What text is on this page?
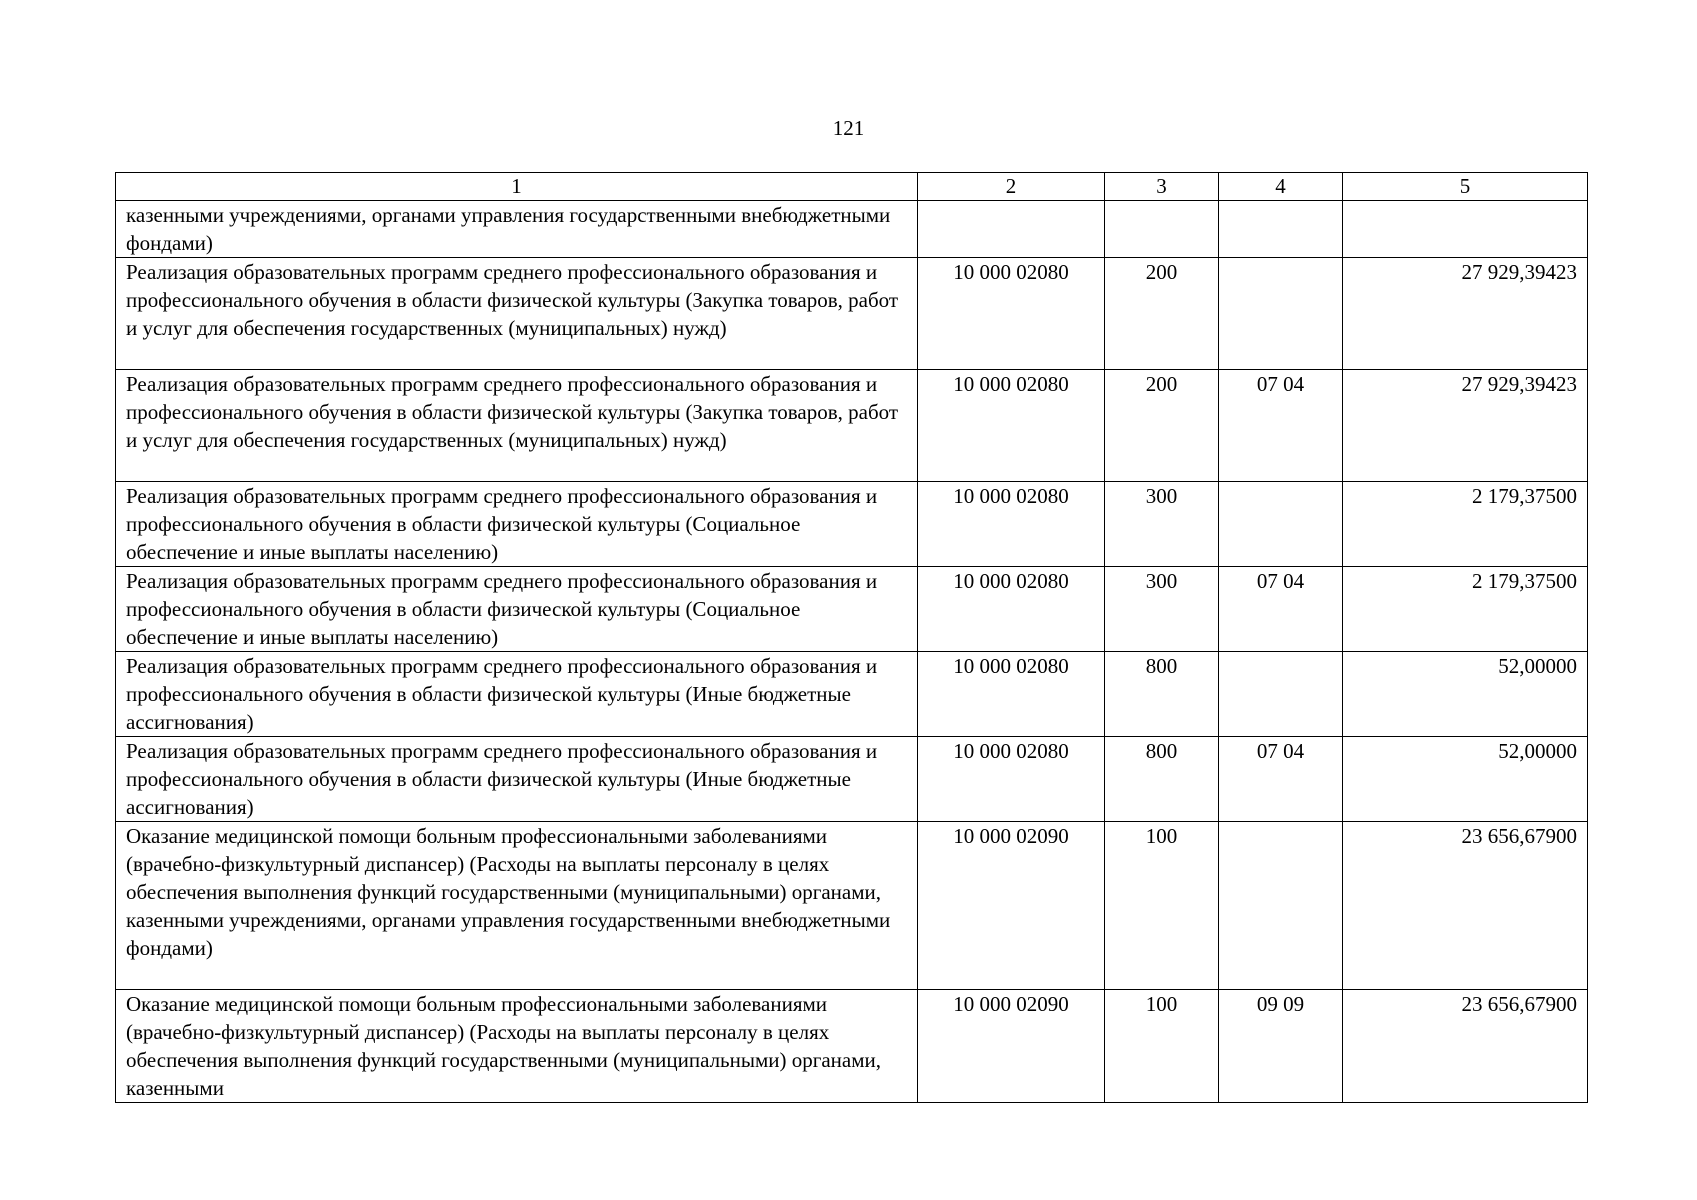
121
1	2	3	4	5
казенными учреждениями, органами управления государственными внебюджетными фондами)				
Реализация образовательных программ среднего профессионального образования и профессионального обучения в области физической культуры (Закупка товаров, работ и услуг для обеспечения государственных (муниципальных) нужд)	10 000 02080	200		27 929,39423
Реализация образовательных программ среднего профессионального образования и профессионального обучения в области физической культуры (Закупка товаров, работ и услуг для обеспечения государственных (муниципальных) нужд)	10 000 02080	200	07 04	27 929,39423
Реализация образовательных программ среднего профессионального образования и профессионального обучения в области физической культуры (Социальное обеспечение и иные выплаты населению)	10 000 02080	300		2 179,37500
Реализация образовательных программ среднего профессионального образования и профессионального обучения в области физической культуры (Социальное обеспечение и иные выплаты населению)	10 000 02080	300	07 04	2 179,37500
Реализация образовательных программ среднего профессионального образования и профессионального обучения в области физической культуры (Иные бюджетные ассигнования)	10 000 02080	800		52,00000
Реализация образовательных программ среднего профессионального образования и профессионального обучения в области физической культуры (Иные бюджетные ассигнования)	10 000 02080	800	07 04	52,00000
Оказание медицинской помощи больным профессиональными заболеваниями (врачебно-физкультурный диспансер) (Расходы на выплаты персоналу в целях обеспечения выполнения функций государственными (муниципальными) органами, казенными учреждениями, органами управления государственными внебюджетными фондами)	10 000 02090	100		23 656,67900
Оказание медицинской помощи больным профессиональными заболеваниями (врачебно-физкультурный диспансер) (Расходы на выплаты персоналу в целях обеспечения выполнения функций государственными (муниципальными) органами, казенными	10 000 02090	100	09 09	23 656,67900
